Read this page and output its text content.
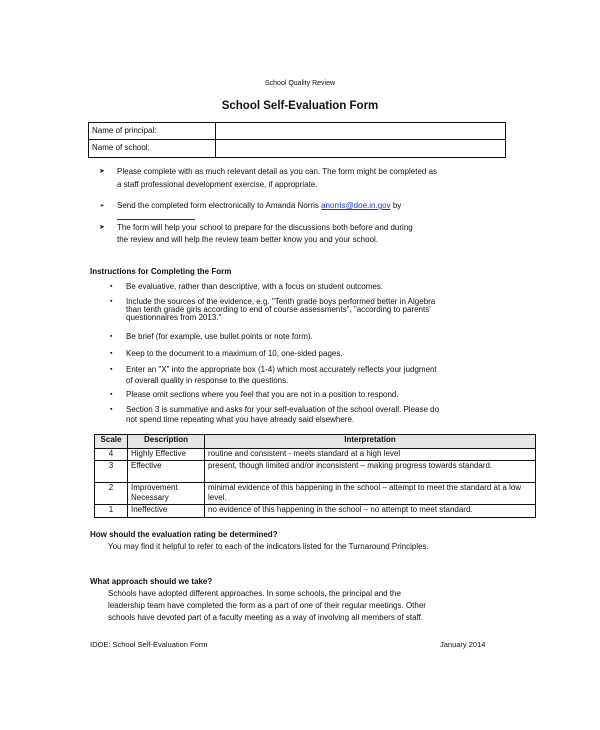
School Quality Review
School Self-Evaluation Form
Name of principal:	
Name of school:	
➤ Please complete with as much relevant detail as you can. The form might be completed as
a staff professional development exercise, if appropriate.
➤ Send the completed form electronically to Amanda Norris anorris@doe.in.gov by
➤ The form will help your school to prepare for the discussions both before and during
the review and will help the review team better know you and your school.
Instructions for Completing the Form
▪ Be evaluative, rather than descriptive, with a focus on student outcomes.
▪ Include the sources of the evidence, e.g. "Tenth grade boys performed better in Algebra
than tenth grade girls according to end of course assessments", "according to parents'
questionnaires from 2013."
▪ Be brief (for example, use bullet points or note form).
▪ Keep to the document to a maximum of 10, one-sided pages.
▪ Enter an "X" into the appropriate box (1-4) which most accurately reflects your judgment
of overall quality in response to the questions.
▪ Please omit sections where you feel that you are not in a position to respond.
▪ Section 3 is summative and asks for your self-evaluation of the school overall. Please do
not spend time repeating what you have already said elsewhere.
Scale	Description	Interpretation
4	Highly Effective	routine and consistent - meets standard at a high level
3	Effective	present, though limited and/or inconsistent – making progress towards standard.
2	Improvement Necessary	minimal evidence of this happening in the school – attempt to meet the standard at a low level.
1	Ineffective	no evidence of this happening in the school – no attempt to meet standard.
How should the evaluation rating be determined?
You may find it helpful to refer to each of the indicators listed for the Turnaround Principles.
What approach should we take?
Schools have adopted different approaches. In some schools, the principal and the
leadership team have completed the form as a part of one of their regular meetings. Other
schools have devoted part of a faculty meeting as a way of involving all members of staff.
IDOE: School Self-Evaluation Form	January 2014
